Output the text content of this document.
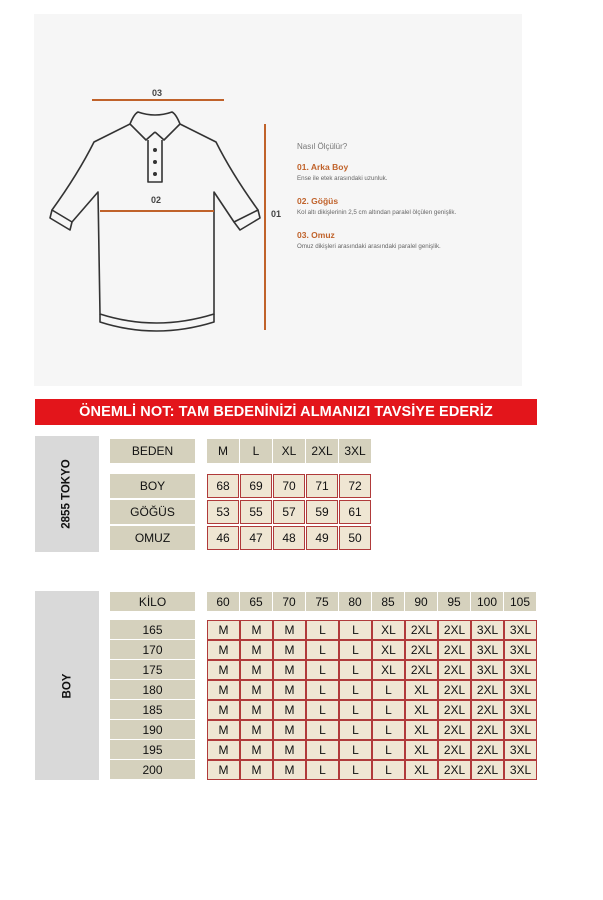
03
02
01
Nasıl Ölçülür?
01. Arka Boy
Ense ile etek arasındaki uzunluk.
02. Göğüs
Kol altı dikişlerinin 2,5 cm altından paralel ölçülen genişlik.
03. Omuz
Omuz dikişleri arasındaki arasındaki paralel genişlik.
ÖNEMLİ NOT: TAM BEDENİNİZİ ALMANIZI TAVSİYE EDERİZ
2855 TOKYO
BOY
BEDEN	M	L	XL	2XL 3XL
BOY	68	69	70	71	72
GÖĞÜS	53	55	57	59	61
OMUZ	46	47	48	49	50
KİLO	60	65	70	75	80	85	90	95	100	105
165	M	M	M	L	L	XL	2XL 2XL 3XL 3XL
170	M	M	M	L	L	XL	2XL 2XL 3XL 3XL
175	M	M	M	L	L	XL	2XL 2XL 3XL 3XL
180	M	M	M	L	L	L	XL	2XL 2XL 3XL
185	M	M	M	L	L	L	XL	2XL 2XL 3XL
190	M	M	M	L	L	L	XL	2XL 2XL 3XL
195	M	M	M	L	L	L	XL	2XL 2XL 3XL
200	M	M	M	L	L	L	XL	2XL 2XL 3XL
